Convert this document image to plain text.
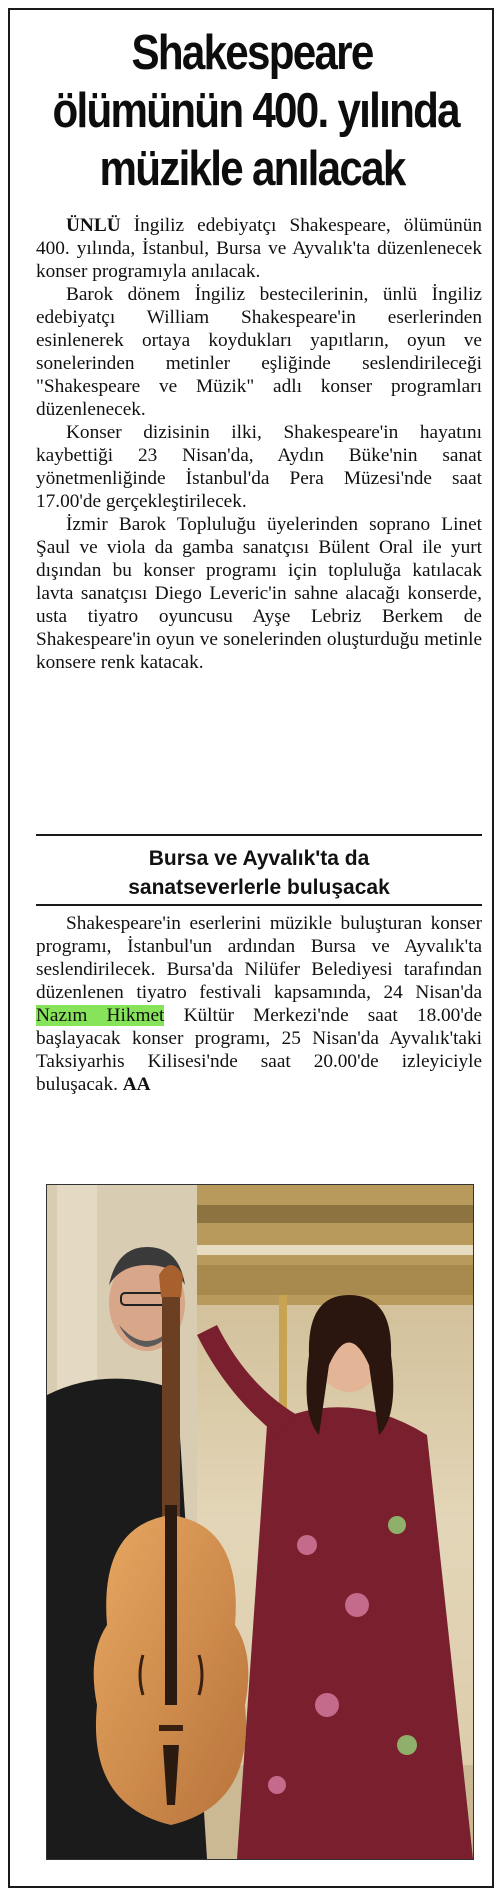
Shakespeare
ölümünün 400. yılında
müzikle anılacak

ÜNLÜ İngiliz edebiyatçı Shakespeare, ölümünün 400. yılında, İstanbul, Bursa ve Ayvalık'ta düzenlenecek konser programıyla anılacak.

Barok dönem İngiliz bestecilerinin, ünlü İngiliz edebiyatçı William Shakespeare'in eserlerinden esinlenerek ortaya koydukları yapıtların, oyun ve sonelerinden metinler eşliğinde seslendirileceği "Shakespeare ve Müzik" adlı konser programları düzenlenecek.

Konser dizisinin ilki, Shakespeare'in hayatını kaybettiği 23 Nisan'da, Aydın Büke'nin sanat yönetmenliğinde İstanbul'da Pera Müzesi'nde saat 17.00'de gerçekleştirilecek.

İzmir Barok Topluluğu üyelerinden soprano Linet Şaul ve viola da gamba sanatçısı Bülent Oral ile yurt dışından bu konser programı için topluluğa katılacak lavta sanatçısı Diego Leveric'in sahne alacağı konserde, usta tiyatro oyuncusu Ayşe Lebriz Berkem de Shakespeare'in oyun ve sonelerinden oluşturduğu metinle konsere renk katacak.

Bursa ve Ayvalık'ta da
sanatseverlerle buluşacak

Shakespeare'in eserlerini müzikle buluşturan konser programı, İstanbul'un ardından Bursa ve Ayvalık'ta seslendirilecek. Bursa'da Nilüfer Belediyesi tarafından düzenlenen tiyatro festivali kapsamında, 24 Nisan'da Nazım Hikmet Kültür Merkezi'nde saat 18.00'de başlayacak konser programı, 25 Nisan'da Ayvalık'taki Taksiyarhis Kilisesi'nde saat 20.00'de izleyiciyle buluşacak. AA
